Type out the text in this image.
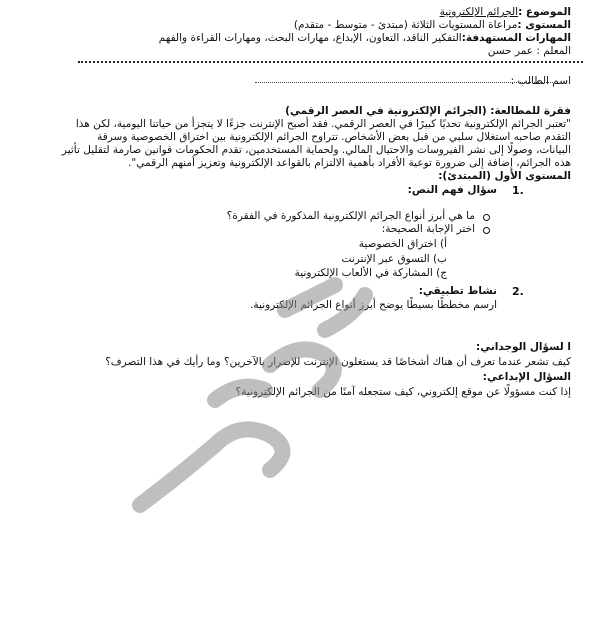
الموضوع :الجرائم الإلكترونية
المستوى :مراعاة المستويات الثلاثة (مبتدئ - متوسط - متقدم)
المهارات المستهدفة:التفكير الناقد، التعاون، الإبداع، مهارات البحث، ومهارات القراءة والفهم
المعلم : عمر حسن
اسم الطالب :
فقرة للمطالعة: (الجرائم الإلكترونية في العصر الرقمي)
"تعتبر الجرائم الإلكترونية تحديًا كبيرًا في العصر الرقمي. فقد أصبح الإنترنت جزءًا لا يتجزأ من حياتنا اليومية، لكن هذا
التقدم صاحبه استغلال سلبي من قبل بعض الأشخاص. تتراوح الجرائم الإلكترونية بين اختراق الخصوصية وسرقة
البيانات، وصولًا إلى نشر الفيروسات والاحتيال المالي. ولحماية المستخدمين، تقدم الحكومات قوانين صارمة لتقليل تأثير
هذه الجرائم، إضافة إلى ضرورة توعية الأفراد بأهمية الالتزام بالقواعد الإلكترونية وتعزيز أمنهم الرقمي".
المستوى الأول (المبتدئ):
1.
سؤال فهم النص:
ما هي أبرز أنواع الجرائم الإلكترونية المذكورة في الفقرة؟
اختر الإجابة الصحيحة:
أ) اختراق الخصوصية
ب) التسوق عبر الإنترنت
ج) المشاركة في الألعاب الإلكترونية
2.
نشاط تطبيقي:
ارسم مخططًا بسيطًا يوضح أبرز أنواع الجرائم الإلكترونية.
ا لسؤال الوجداني:
كيف تشعر عندما تعرف أن هناك أشخاصًا قد يستغلون الإنترنت للإضرار بالآخرين؟ وما رأيك في هذا التصرف؟
السؤال الإبداعي:
إذا كنت مسؤولًا عن موقع إلكتروني، كيف ستجعله آمنًا من الجرائم الإلكترونية؟
